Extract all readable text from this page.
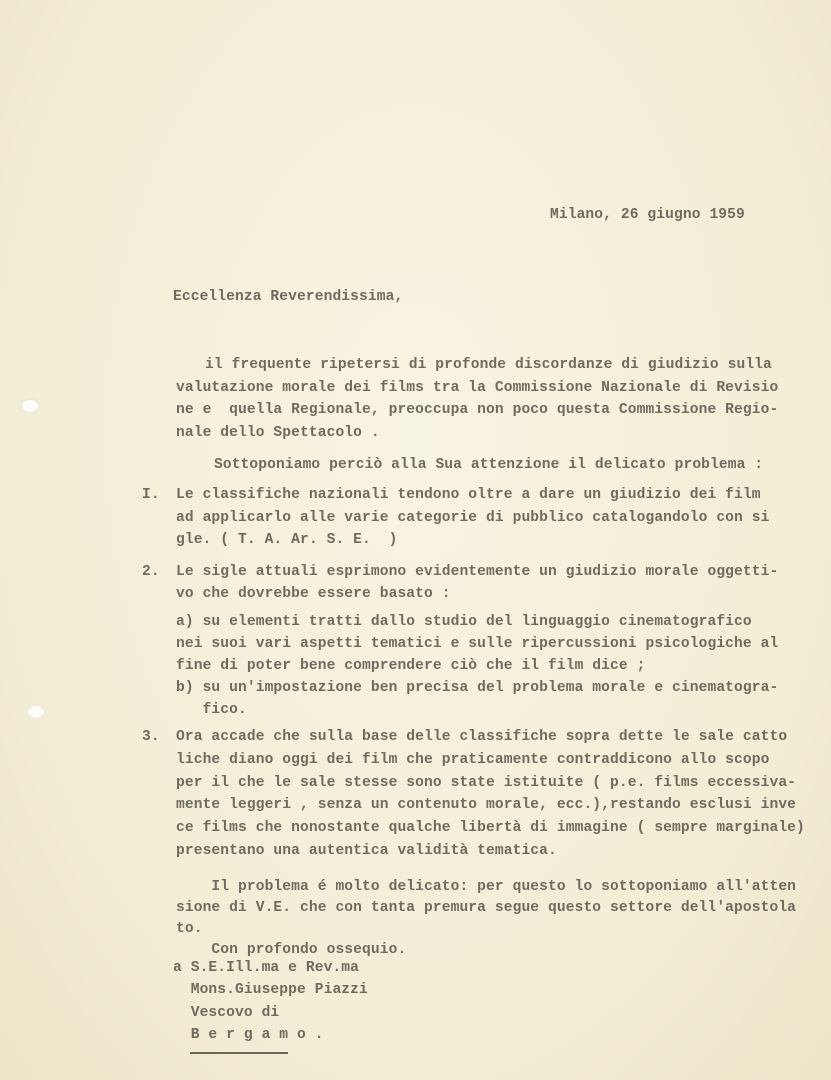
Milano, 26 giugno 1959
Eccellenza Reverendissima,
il frequente ripetersi di profonde discordanze di giudizio sulla
valutazione morale dei films tra la Commissione Nazionale di Revisio
ne e  quella Regionale, preoccupa non poco questa Commissione Regio-
nale dello Spettacolo .
Sottoponiamo perciò alla Sua attenzione il delicato problema :
I. Le classifiche nazionali tendono oltre a dare un giudizio dei film
ad applicarlo alle varie categorie di pubblico catalogandolo con si
gle. ( T. A. Ar. S. E.  )
2. Le sigle attuali esprimono evidentemente un giudizio morale oggetti-
vo che dovrebbe essere basato :
a) su elementi tratti dallo studio del linguaggio cinematografico
nei suoi vari aspetti tematici e sulle ripercussioni psicologiche al
fine di poter bene comprendere ciò che il film dice ;
b) su un'impostazione ben precisa del problema morale e cinematogra-
fico.
3. Ora accade che sulla base delle classifiche sopra dette le sale catto
liche diano oggi dei film che praticamente contraddicono allo scopo
per il che le sale stesse sono state istituite ( p.e. films eccessiva-
mente leggeri , senza un contenuto morale, ecc.),restando esclusi inve
ce films che nonostante qualche libertà di immagine ( sempre marginale)
presentano una autentica validità tematica.
Il problema é molto delicato: per questo lo sottoponiamo all'atten
sione di V.E. che con tanta premura segue questo settore dell'apostola
to.
Con profondo ossequio.
a S.E.Ill.ma e Rev.ma
Mons.Giuseppe Piazzi
Vescovo di
B e r g a m o .
